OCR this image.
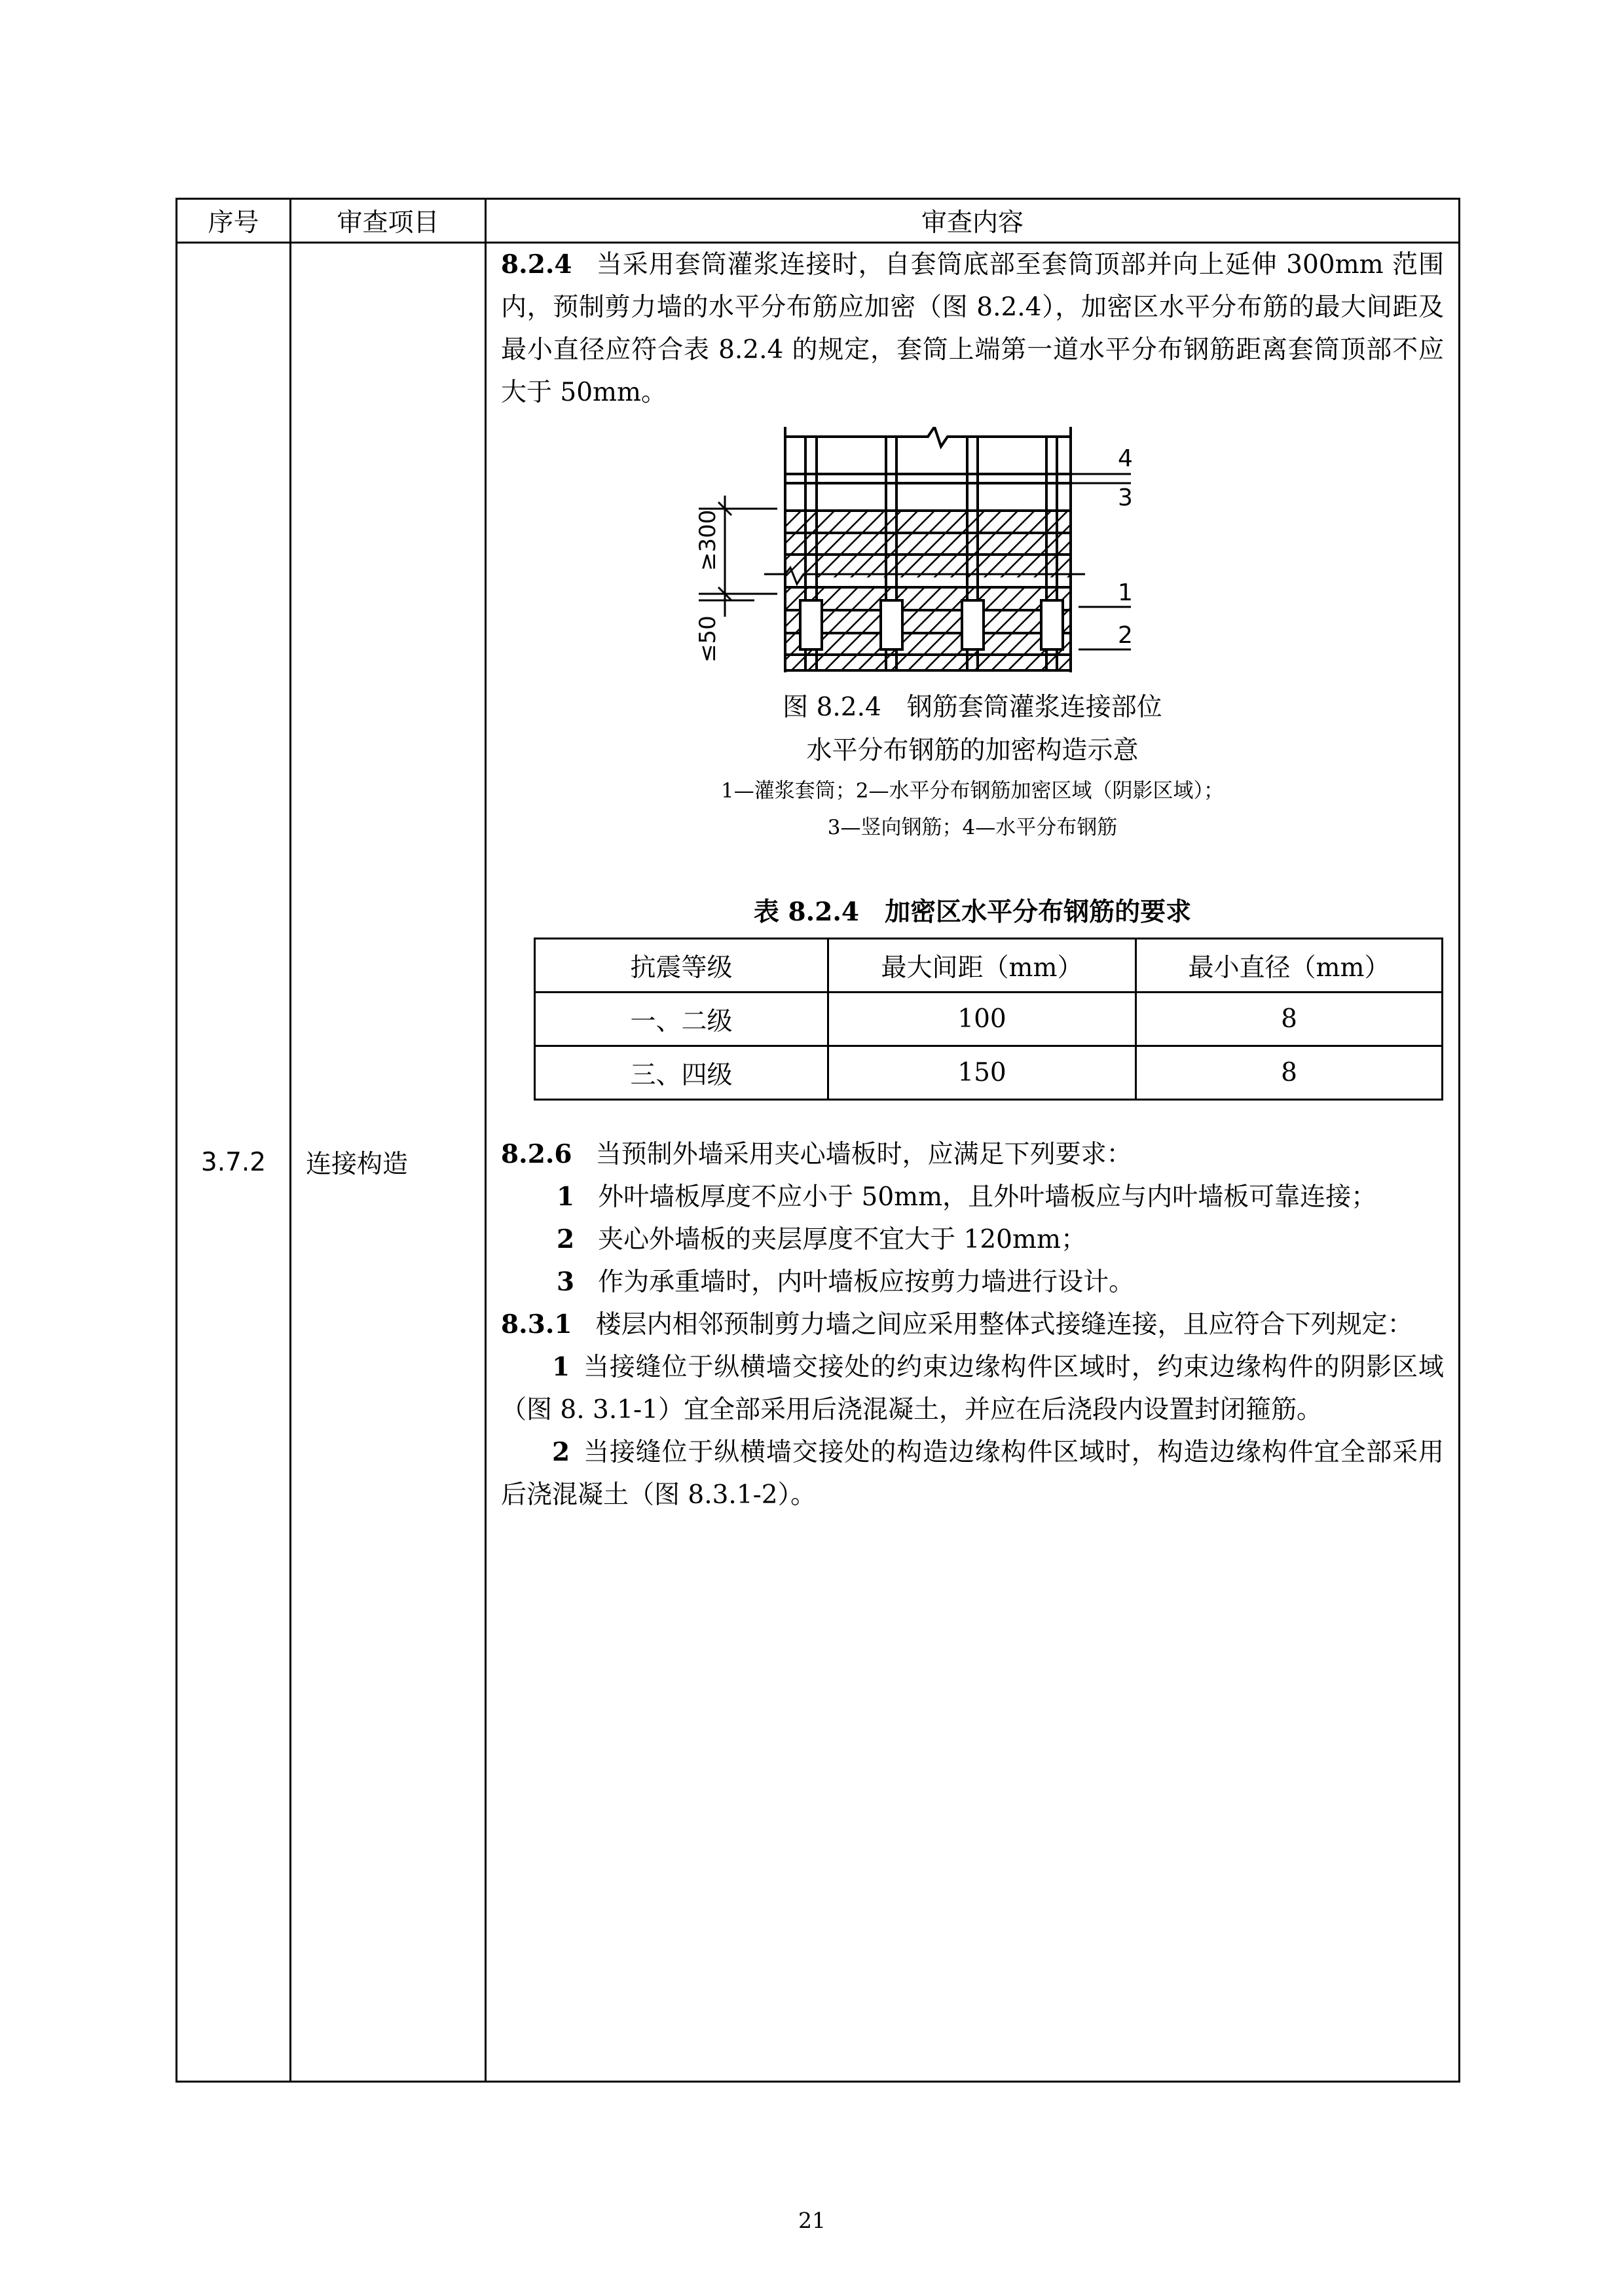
序号	审查项目	审查内容
3.7.2	连接构造	

8.2.4 当采用套筒灌浆连接时，自套筒底部至套筒顶部并向上延伸 300mm 范围内，预制剪力墙的水平分布筋应加密（图 8.2.4），加密区水平分布筋的最大间距及最小直径应符合表 8.2.4 的规定，套筒上端第一道水平分布钢筋距离套筒顶部不应大于 50mm。

≥300
≤50
4
3
1
2

图 8.2.4　钢筋套筒灌浆连接部位

水平分布钢筋的加密构造示意

1—灌浆套筒；2—水平分布钢筋加密区域（阴影区域）；

3—竖向钢筋；4—水平分布钢筋

表 8.2.4　加密区水平分布钢筋的要求

抗震等级	最大间距（mm）	最小直径（mm）
一、二级	100	8
三、四级	150	8

8.2.6 当预制外墙采用夹心墙板时，应满足下列要求：

1 外叶墙板厚度不应小于 50mm，且外叶墙板应与内叶墙板可靠连接；

2 夹心外墙板的夹层厚度不宜大于 120mm；

3 作为承重墙时，内叶墙板应按剪力墙进行设计。

8.3.1 楼层内相邻预制剪力墙之间应采用整体式接缝连接，且应符合下列规定：

1 当接缝位于纵横墙交接处的约束边缘构件区域时，约束边缘构件的阴影区域（图 8. 3.1-1）宜全部采用后浇混凝土，并应在后浇段内设置封闭箍筋。

2 当接缝位于纵横墙交接处的构造边缘构件区域时，构造边缘构件宜全部采用后浇混凝土（图 8.3.1-2）。

21
